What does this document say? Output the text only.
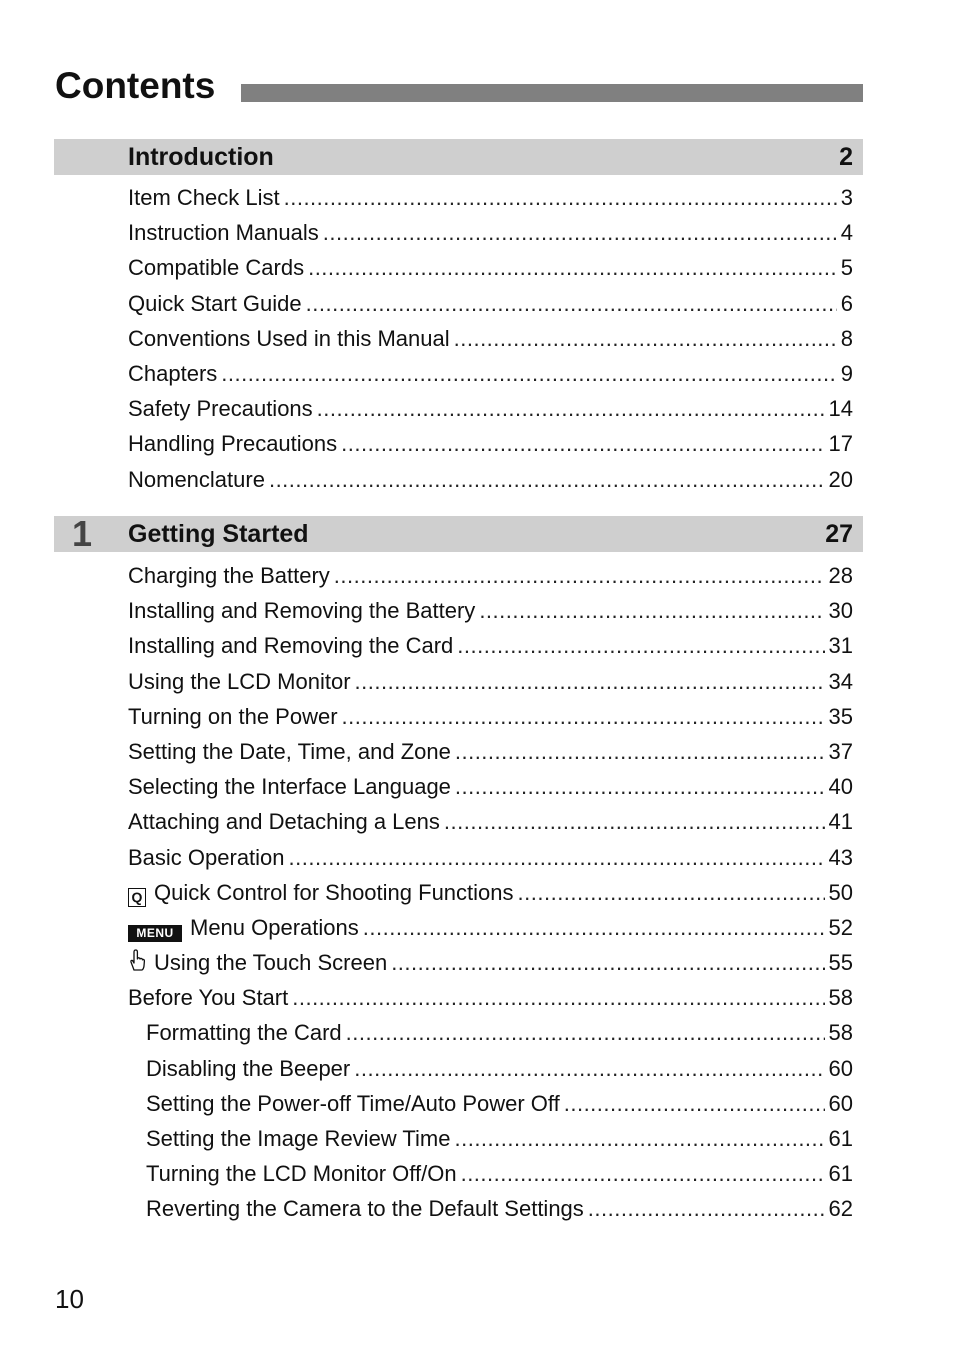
Contents
Introduction	2
Item Check List .....	3
Instruction Manuals .....	4
Compatible Cards .....	5
Quick Start Guide .....	6
Conventions Used in this Manual .....	8
Chapters .....	9
Safety Precautions .....	14
Handling Precautions .....	17
Nomenclature .....	20
1 Getting Started	27
Charging the Battery .....	28
Installing and Removing the Battery .....	30
Installing and Removing the Card .....	31
Using the LCD Monitor .....	34
Turning on the Power .....	35
Setting the Date, Time, and Zone .....	37
Selecting the Interface Language .....	40
Attaching and Detaching a Lens .....	41
Basic Operation .....	43
Q Quick Control for Shooting Functions .....	50
MENU Menu Operations .....	52
Using the Touch Screen .....	55
Before You Start .....	58
Formatting the Card .....	58
Disabling the Beeper .....	60
Setting the Power-off Time/Auto Power Off .....	60
Setting the Image Review Time .....	61
Turning the LCD Monitor Off/On .....	61
Reverting the Camera to the Default Settings .....	62
10
